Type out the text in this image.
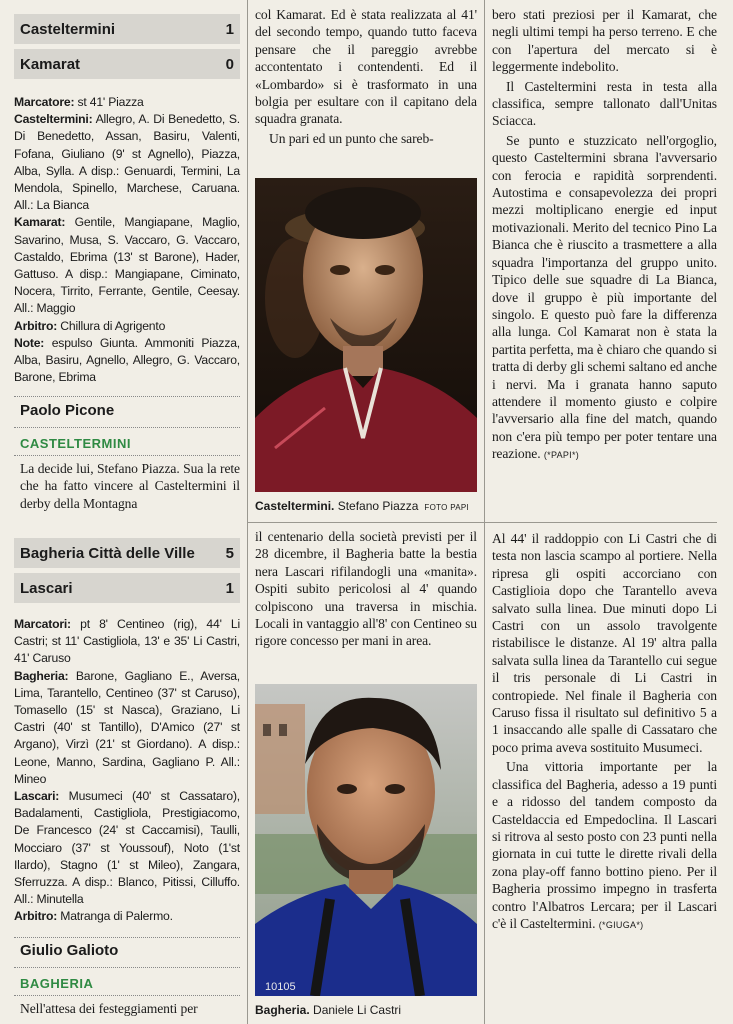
Casteltermini	1
Kamarat	0
Marcatore: st 41' Piazza
Casteltermini: Allegro, A. Di Benedetto, S. Di Benedetto, Assan, Basiru, Valenti, Fofana, Giuliano (9' st Agnello), Piazza, Alba, Sylla. A disp.: Genuardi, Termini, La Mendola, Spinello, Marchese, Caruana. All.: La Bianca
Kamarat: Gentile, Mangiapane, Maglio, Savarino, Musa, S. Vaccaro, G. Vaccaro, Castaldo, Ebrima (13' st Barone), Hader, Gattuso. A disp.: Mangiapane, Ciminato, Nocera, Tirrito, Ferrante, Gentile, Ceesay. All.: Maggio
Arbitro: Chillura di Agrigento
Note: espulso Giunta. Ammoniti Piazza, Alba, Basiru, Agnello, Allegro, G. Vaccaro, Barone, Ebrima
Paolo Picone
CASTELTERMINI
La decide lui, Stefano Piazza. Sua la rete che ha fatto vincere al Casteltermini il derby della Montagna
Bagheria Città delle Ville 5
Lascari	1
Marcatori: pt 8' Centineo (rig), 44' Li Castri; st 11' Castigliola, 13' e 35' Li Castri, 41' Caruso
Bagheria: Barone, Gagliano E., Aversa, Lima, Tarantello, Centineo (37' st Caruso), Tomasello (15' st Nasca), Graziano, Li Castri (40' st Tantillo), D'Amico (27' st Argano), Virzì (21' st Giordano). A disp.: Leone, Manno, Sardina, Gagliano P. All.: Mineo
Lascari: Musumeci (40' st Cassataro), Badalamenti, Castigliola, Prestigiacomo, De Francesco (24' st Caccamisi), Taulli, Mocciaro (37' st Youssouf), Noto (1'st Ilardo), Stagno (1' st Mileo), Zangara, Sferruzza. A disp.: Blanco, Pitissi, Cilluffo. All.: Minutella
Arbitro: Matranga di Palermo.
Giulio Galioto
BAGHERIA
Nell'attesa dei festeggiamenti per
col Kamarat. Ed è stata realizzata al 41' del secondo tempo, quando tutto faceva pensare che il pareggio avrebbe accontentato i contendenti. Ed il «Lombardo» si è trasformato in una bolgia per esultare con il capitano dela squadra granata.
Un pari ed un punto che sareb-
Casteltermini. Stefano Piazza FOTO PAPI
il centenario della società previsti per il 28 dicembre, il Bagheria batte la bestia nera Lascari rifilandogli una «manita». Ospiti subito pericolosi al 4' quando colpiscono una traversa in mischia. Locali in vantaggio all'8' con Centineo su rigore concesso per mani in area.
10105
Bagheria. Daniele Li Castri
bero stati preziosi per il Kamarat, che negli ultimi tempi ha perso terreno. E che con l'apertura del mercato si è leggermente indebolito.
Il Casteltermini resta in testa alla classifica, sempre tallonato dall'Unitas Sciacca.
Se punto e stuzzicato nell'orgoglio, questo Casteltermini sbrana l'avversario con ferocia e rapidità sorprendenti. Autostima e consapevolezza dei propri mezzi moltiplicano energie ed input motivazionali. Merito del tecnico Pino La Bianca che è riuscito a trasmettere a alla squadra l'importanza del gruppo unito. Tipico delle sue squadre di La Bianca, dove il gruppo è più importante del singolo. E questo può fare la differenza alla lunga. Col Kamarat non è stata la partita perfetta, ma è chiaro che quando si tratta di derby gli schemi saltano ed anche i nervi. Ma i granata hanno saputo attendere il momento giusto e colpire l'avversario alla fine del match, quando non c'era più tempo per poter tentare una reazione. (*PAPI*)
Al 44' il raddoppio con Li Castri che di testa non lascia scampo al portiere. Nella ripresa gli ospiti accorciano con Castiglioia dopo che Tarantello aveva salvato sulla linea. Due minuti dopo Li Castri con un assolo travolgente ristabilisce le distanze. Al 19' altra palla salvata sulla linea da Tarantello cui segue il tris personale di Li Castri in contropiede. Nel finale il Bagheria con Caruso fissa il risultato sul definitivo 5 a 1 insaccando alle spalle di Cassataro che poco prima aveva sostituito Musumeci.
Una vittoria importante per la classifica del Bagheria, adesso a 19 punti e a ridosso del tandem composto da Casteldaccia ed Empedoclina. Il Lascari si ritrova al sesto posto con 23 punti nella giornata in cui tutte le dirette rivali della zona play-off fanno bottino pieno. Per il Bagheria prossimo impegno in trasferta contro l'Albatros Lercara; per il Lascari c'è il Casteltermini. (*GIUGA*)
